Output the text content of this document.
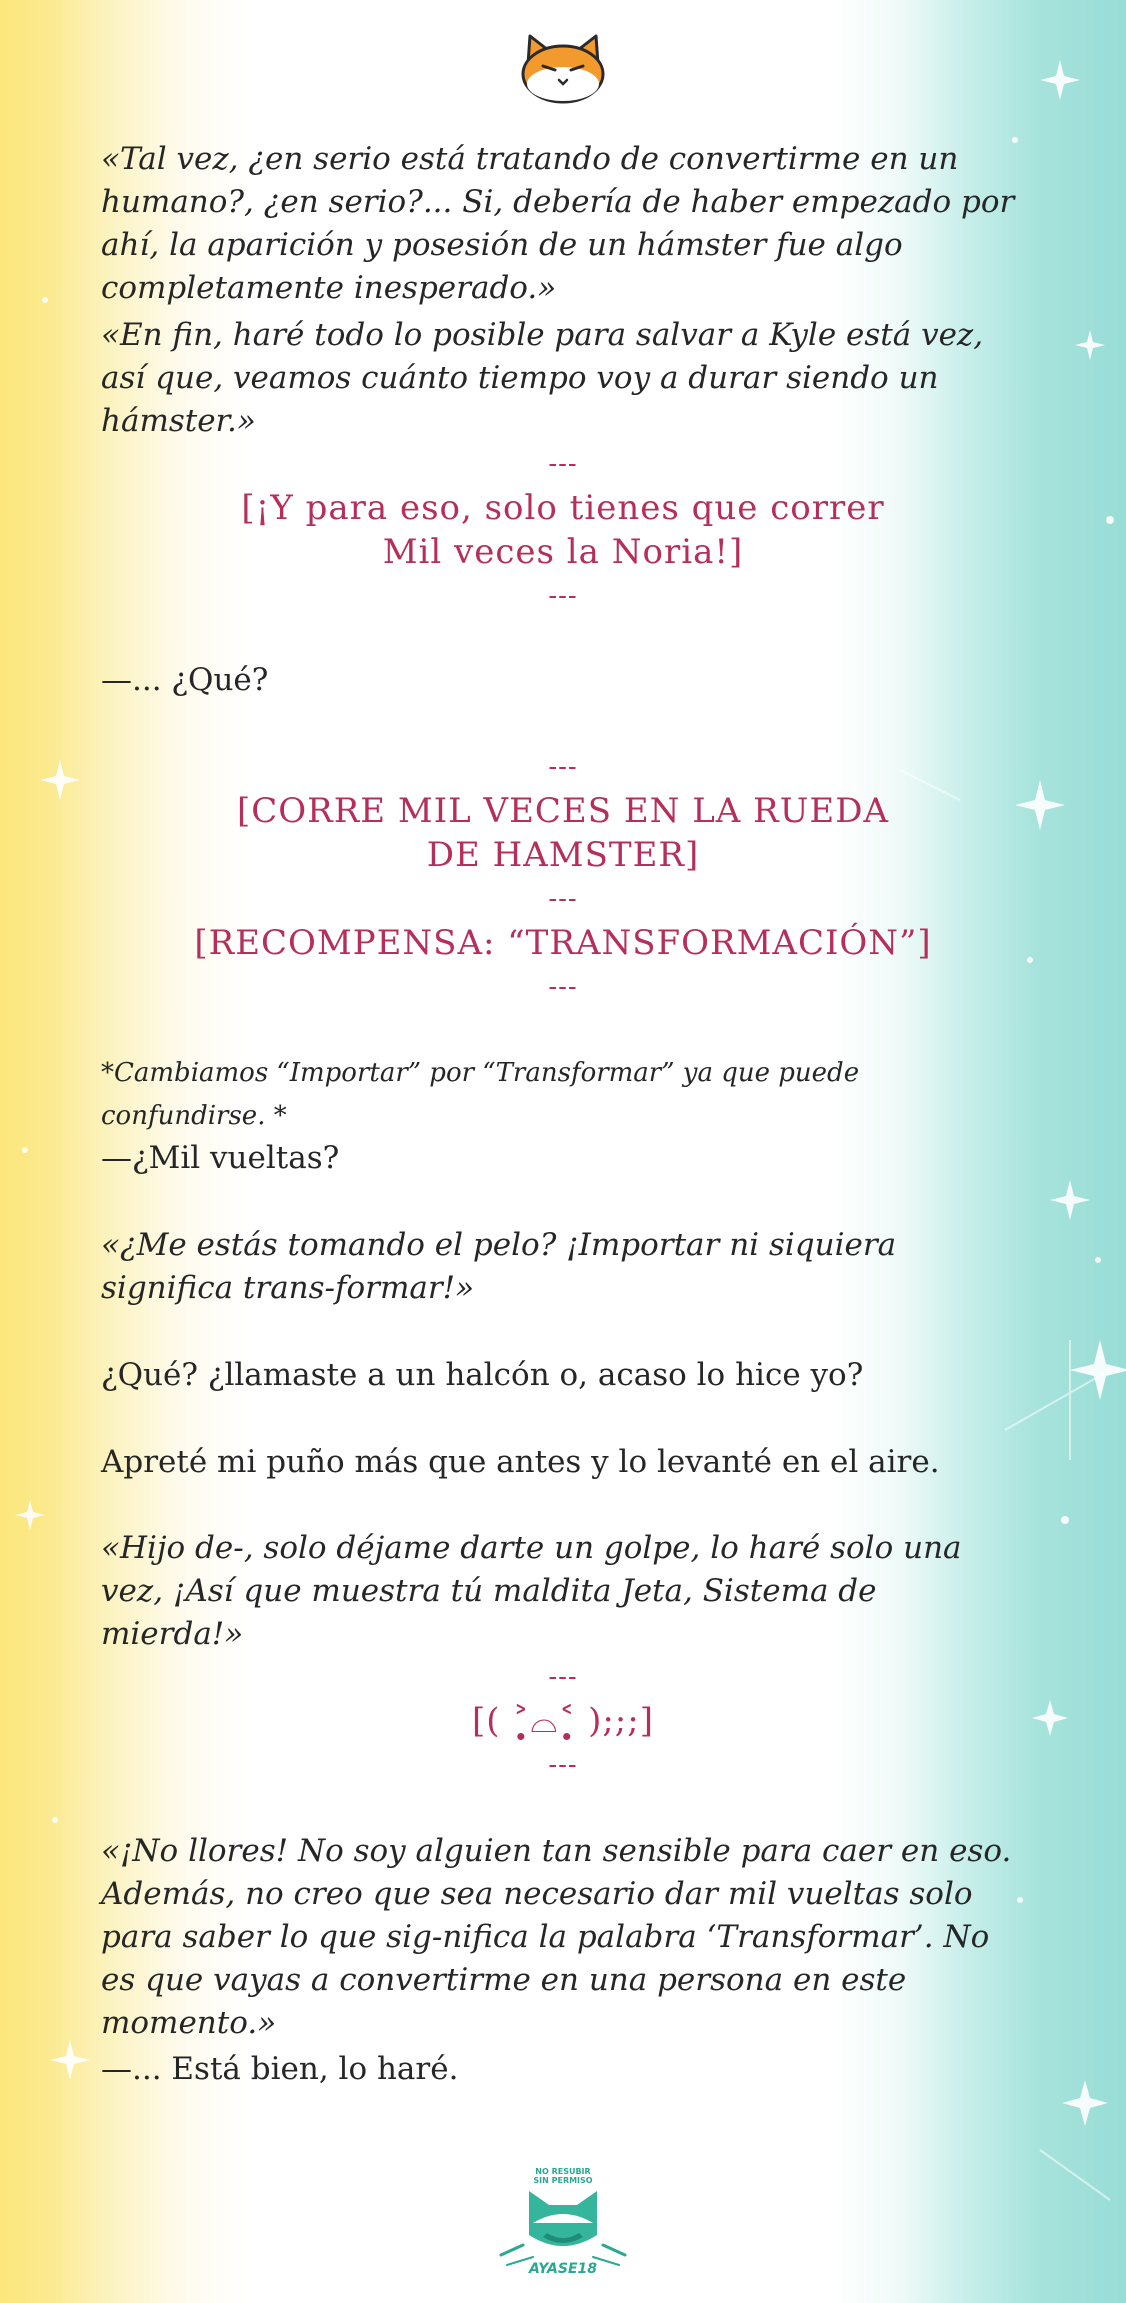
«Tal vez, ¿en serio está tratando de convertirme en un humano?, ¿en serio?... Si, debería de haber empezado por ahí, la aparición y posesión de un hámster fue algo completamente inesperado.»

«En fin, haré todo lo posible para salvar a Kyle está vez, así que, veamos cuánto tiempo voy a durar siendo un hámster.»

---
[¡Y para eso, solo tienes que correr
Mil veces la Noria!]
---

—... ¿Qué?

---
[CORRE MIL VECES EN LA RUEDA
DE HAMSTER]
---
[RECOMPENSA: “TRANSFORMACIÓN”]
---

*Cambiamos “Importar” por “Transformar” ya que puede confundirse. *

—¿Mil vueltas?

«¿Me estás tomando el pelo? ¡Importar ni siquiera significa trans-formar!»

¿Qué? ¿llamaste a un halcón o, acaso lo hice yo?

Apreté mi puño más que antes y lo levanté en el aire.

«Hijo de-, solo déjame darte un golpe, lo haré solo una vez, ¡Así que muestra tú maldita Jeta, Sistema de mierda!»

---
[( ˃̣̣̥⌓˂̣̣̥ );;;]
---

«¡No llores! No soy alguien tan sensible para caer en eso. Además, no creo que sea necesario dar mil vueltas solo para saber lo que sig-nifica la palabra ‘Transformar’. No es que vayas a convertirme en una persona en este momento.»

—... Está bien, lo haré.

NO RESUBIR
SIN PERMISO
AYASE18
